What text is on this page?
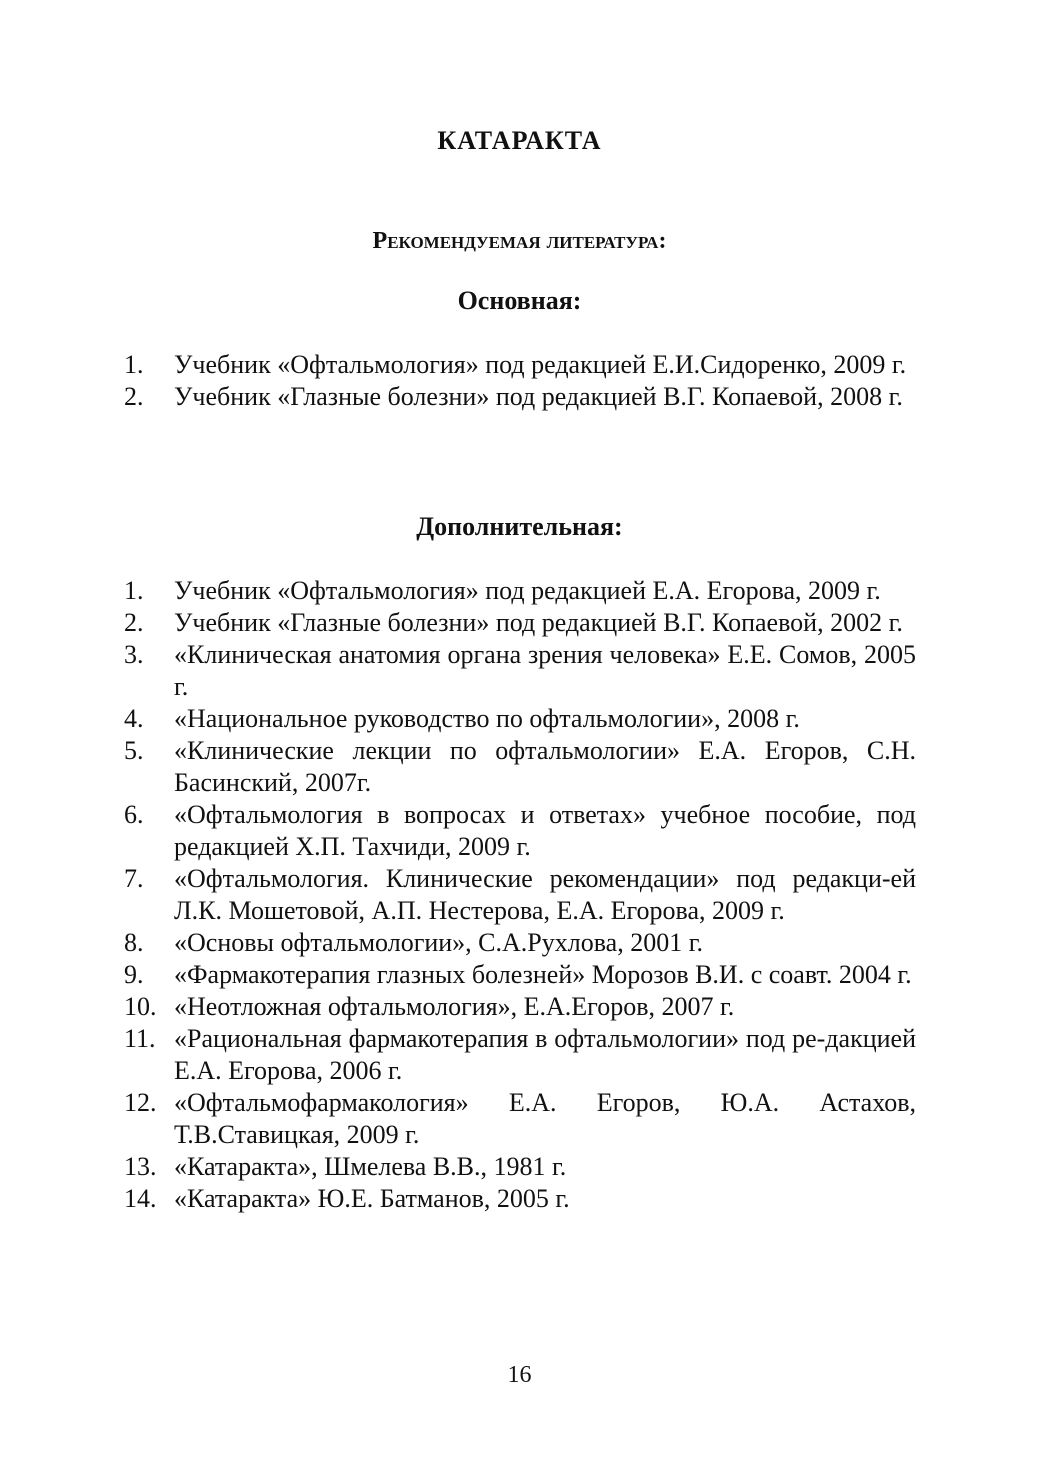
КАТАРАКТА
Рекомендуемая литература:
Основная:
1.	Учебник «Офтальмология» под редакцией Е.И.Сидоренко, 2009 г.
2.	Учебник «Глазные болезни» под редакцией В.Г. Копаевой, 2008 г.
Дополнительная:
1.	Учебник «Офтальмология» под редакцией Е.А. Егорова, 2009 г.
2.	Учебник «Глазные болезни» под редакцией В.Г. Копаевой, 2002 г.
3.	«Клиническая анатомия органа зрения человека» Е.Е. Сомов, 2005 г.
4.	«Национальное руководство по офтальмологии», 2008 г.
5.	«Клинические лекции по офтальмологии» Е.А. Егоров, С.Н. Басинский, 2007г.
6.	«Офтальмология в вопросах и ответах» учебное пособие, под редакцией Х.П. Тахчиди, 2009 г.
7.	«Офтальмология. Клинические рекомендации» под редакци-ей Л.К. Мошетовой, А.П. Нестерова, Е.А. Егорова, 2009 г.
8.	«Основы офтальмологии», С.А.Рухлова, 2001 г.
9.	«Фармакотерапия глазных болезней» Морозов В.И. с соавт. 2004 г.
10. «Неотложная офтальмология», Е.А.Егоров, 2007 г.
11. «Рациональная фармакотерапия в офтальмологии» под ре-дакцией Е.А. Егорова, 2006 г.
12. «Офтальмофармакология» Е.А. Егоров, Ю.А. Астахов, Т.В.Ставицкая, 2009 г.
13. «Катаракта», Шмелева В.В., 1981 г.
14. «Катаракта» Ю.Е. Батманов, 2005 г.
16
